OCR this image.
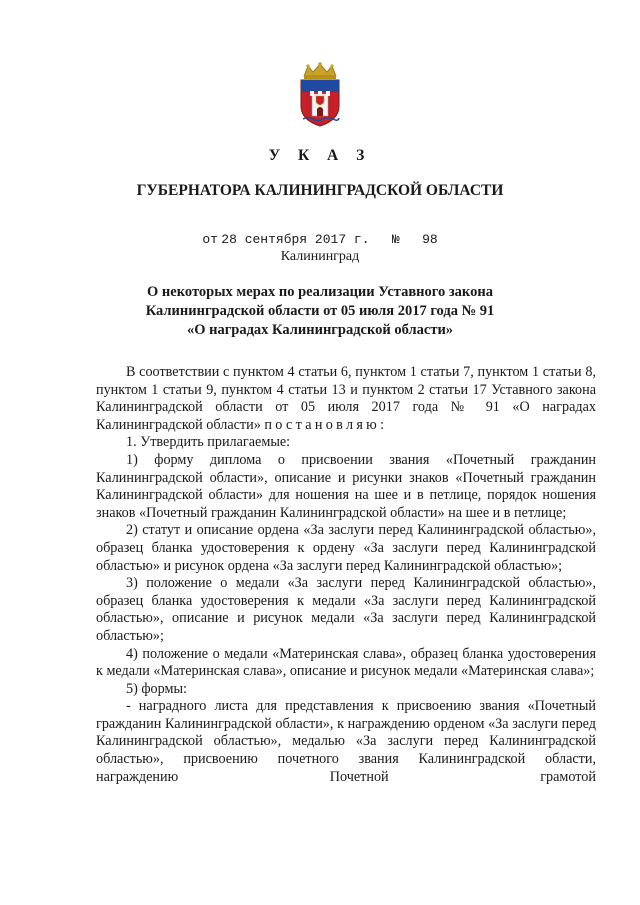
У К А З
ГУБЕРНАТОРА КАЛИНИНГРАДСКОЙ ОБЛАСТИ
от 28 сентября 2017 г. № 98
Калининград
О некоторых мерах по реализации Уставного закона
Калининградской области от 05 июля 2017 года № 91
«О наградах Калининградской области»

В соответствии с пунктом 4 статьи 6, пунктом 1 статьи 7, пунктом 1 статьи 8, пунктом 1 статьи 9, пунктом 4 статьи 13 и пунктом 2 статьи 17 Уставного закона Калининградской области от 05 июля 2017 года № 91 «О наградах Калининградской области» постановляю:

1. Утвердить прилагаемые:

1) форму диплома о присвоении звания «Почетный гражданин Калининградской области», описание и рисунки знаков «Почетный гражданин Калининградской области» для ношения на шее и в петлице, порядок ношения знаков «Почетный гражданин Калининградской области» на шее и в петлице;

2) статут и описание ордена «За заслуги перед Калининградской областью», образец бланка удостоверения к ордену «За заслуги перед Калининградской областью» и рисунок ордена «За заслуги перед Калининградской областью»;

3) положение о медали «За заслуги перед Калининградской областью», образец бланка удостоверения к медали «За заслуги перед Калининградской областью», описание и рисунок медали «За заслуги перед Калининградской областью»;

4) положение о медали «Материнская слава», образец бланка удостоверения к медали «Материнская слава», описание и рисунок медали «Материнская слава»;

5) формы:

- наградного листа для представления к присвоению звания «Почетный гражданин Калининградской области», к награждению орденом «За заслуги перед Калининградской областью», медалью «За заслуги перед Калининградской областью», присвоению почетного звания Калининградской области, награждению Почетной грамотой
